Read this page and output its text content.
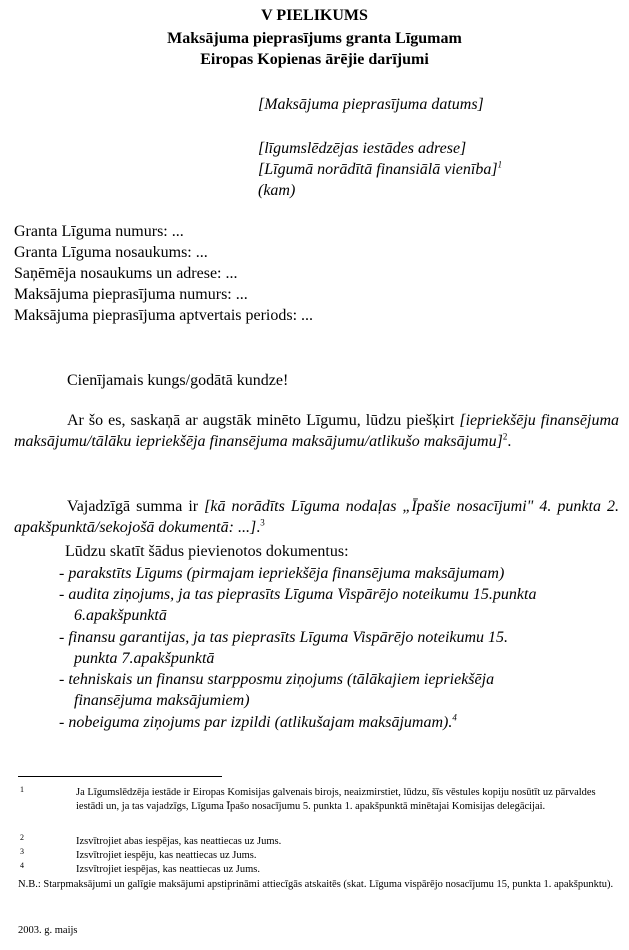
V PIELIKUMS
Maksājuma pieprasījums granta Līgumam
Eiropas Kopienas ārējie darījumi
[Maksājuma pieprasījuma datums]
[līgumslēdzējas iestādes adrese]
[Līgumā norādītā finansiālā vienība]$^1$
(kam)
Granta Līguma numurs: ...
Granta Līguma nosaukums: ...
Saņēmēja nosaukums un adrese: ...
Maksājuma pieprasījuma numurs: ...
Maksājuma pieprasījuma aptvertais periods: ...
Cienījamais kungs/godātā kundze!
Ar šo es, saskaņā ar augstāk minēto Līgumu, lūdzu piešķirt [iepriekšēju finansējuma maksājumu/tālāku iepriekšēja finansējuma maksājumu/atlikušo maksājumu]$^2$.
Vajadzīgā summa ir [kā norādīts Līguma nodaļas „Īpašie nosacījumi" 4. punkta 2. apakšpunktā/sekojošā dokumentā: ...].$^3$
Lūdzu skatīt šādus pievienotos dokumentus:
- parakstīts Līgums (pirmajam iepriekšēja finansējuma maksājumam)
- audita ziņojums, ja tas pieprasīts Līguma Vispārējo noteikumu 15.punkta
6.apakšpunktā
- finansu garantijas, ja tas pieprasīts Līguma Vispārējo noteikumu 15.
punkta 7.apakšpunktā
- tehniskais un finansu starpposmu ziņojums (tālākajiem iepriekšēja
finansējuma maksājumiem)
- nobeiguma ziņojums par izpildi (atlikušajam maksājumam).$^4$
1	Ja Līgumslēdzēja iestāde ir Eiropas Komisijas galvenais birojs, neaizmirstiet, lūdzu, šīs vēstules kopiju nosūtīt uz pārvaldes iestādi un, ja tas vajadzīgs, Līguma Īpašo nosacījumu 5. punkta 1. apakšpunktā minētajai Komisijas delegācijai.
2	Izsvītrojiet abas iespējas, kas neattiecas uz Jums.
3	Izsvītrojiet iespēju, kas neattiecas uz Jums.
4	Izsvītrojiet iespējas, kas neattiecas uz Jums.
N.B.: Starpmaksājumi un galīgie maksājumi apstiprināmi attiecīgās atskaitēs (skat. Līguma vispārējo nosacījumu 15, punkta 1. apakšpunktu).
2003. g. maijs
